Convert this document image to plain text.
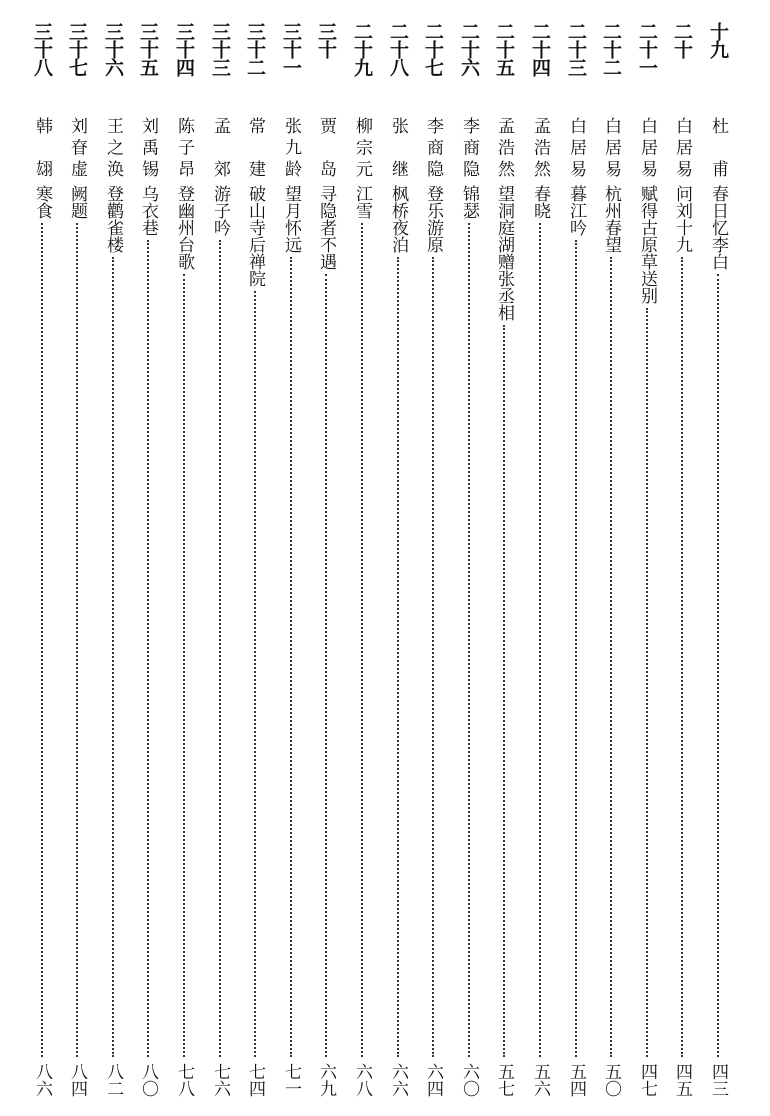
十九
杜　甫
春日忆李白
四三
二十
白居易
问刘十九
四五
二十一
白居易
赋得古原草送别
四七
二十二
白居易
杭州春望
五〇
二十三
白居易
暮江吟
五四
二十四
孟浩然
春晓
五六
二十五
孟浩然
望洞庭湖赠张丞相
五七
二十六
李商隐
锦瑟
六〇
二十七
李商隐
登乐游原
六四
二十八
张　继
枫桥夜泊
六六
二十九
柳宗元
江雪
六八
三十
贾　岛
寻隐者不遇
六九
三十一
张九龄
望月怀远
七一
三十二
常　建
破山寺后禅院
七四
三十三
孟　郊
游子吟
七六
三十四
陈子昂
登幽州台歌
七八
三十五
刘禹锡
乌衣巷
八〇
三十六
王之涣
登鹳雀楼
八二
三十七
刘眘虚
阙题
八四
三十八
韩　翃
寒食
八六
